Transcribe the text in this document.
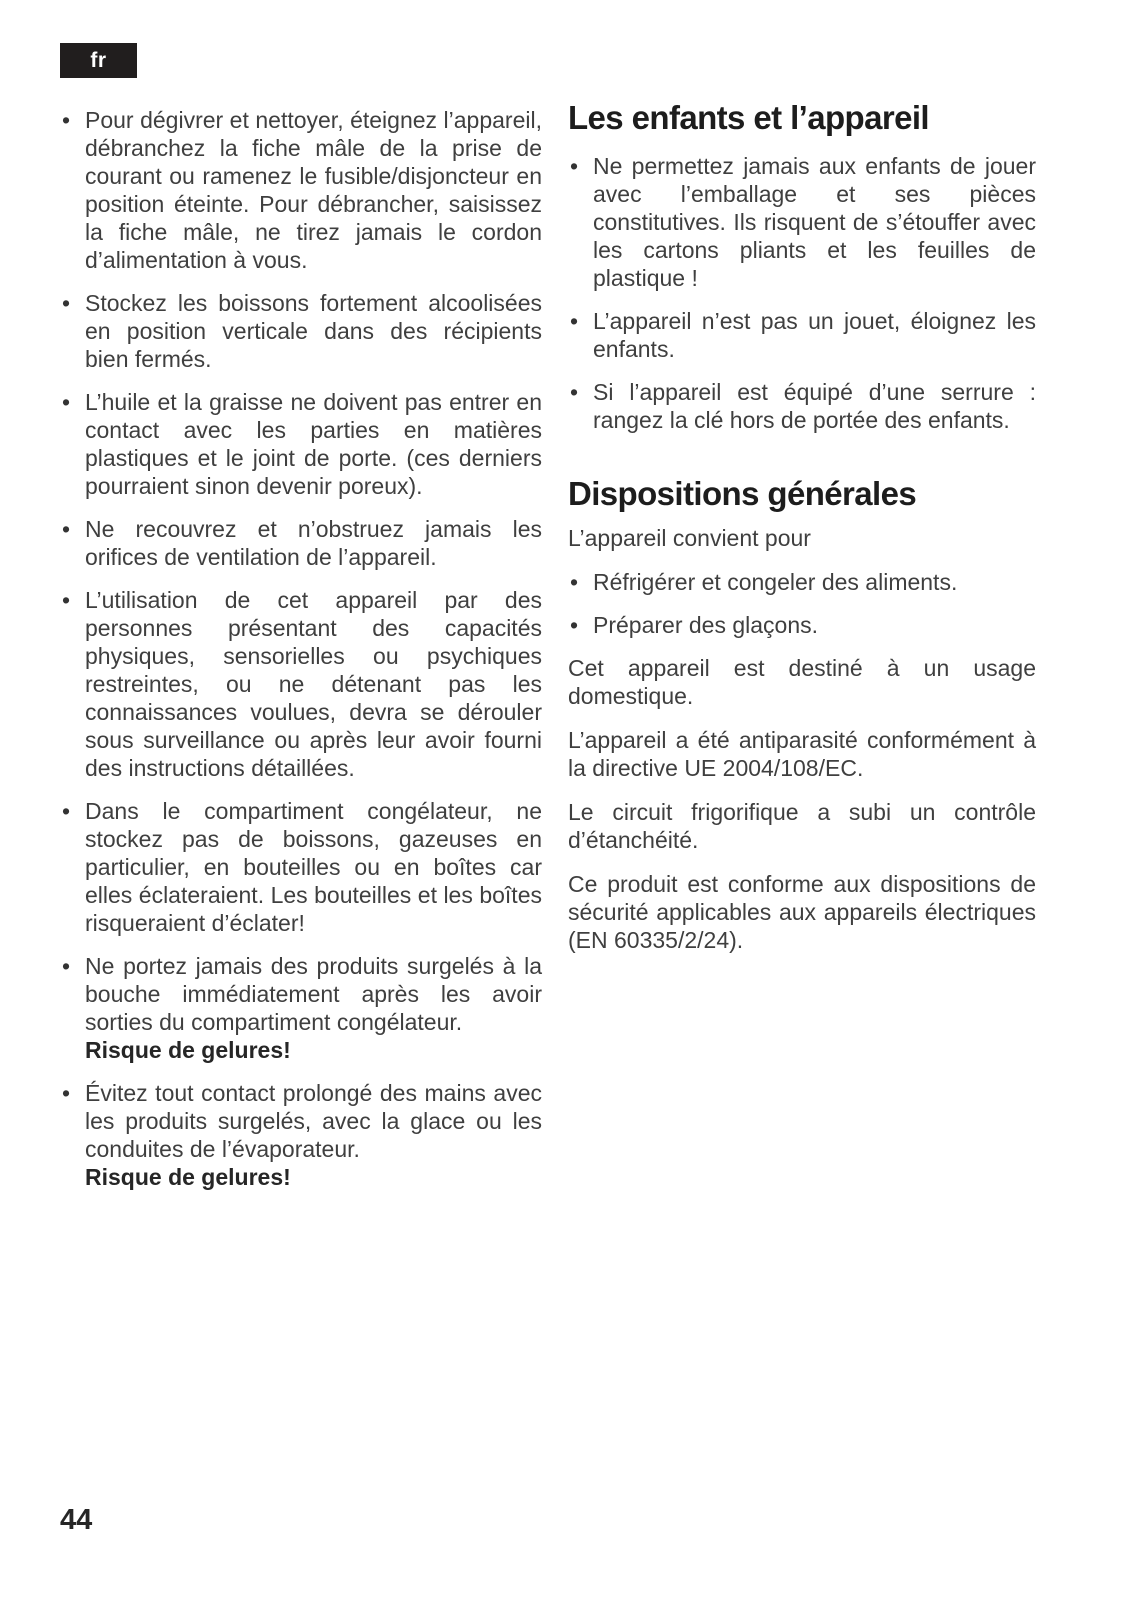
fr
• Pour dégivrer et nettoyer, éteignez l’appareil, débranchez la fiche mâle de la prise de courant ou ramenez le fusible/disjoncteur en position éteinte. Pour débrancher, saisissez la fiche mâle, ne tirez jamais le cordon d’alimentation à vous.
• Stockez les boissons fortement alcoolisées en position verticale dans des récipients bien fermés.
• L’huile et la graisse ne doivent pas entrer en contact avec les parties en matières plastiques et le joint de porte. (ces derniers pourraient sinon devenir poreux).
• Ne recouvrez et n’obstruez jamais les orifices de ventilation de l’appareil.
• L’utilisation de cet appareil par des personnes présentant des capacités physiques, sensorielles ou psychiques restreintes, ou ne détenant pas les connaissances voulues, devra se dérouler sous surveillance ou après leur avoir fourni des instructions détaillées.
• Dans le compartiment congélateur, ne stockez pas de boissons, gazeuses en particulier, en bouteilles ou en boîtes car elles éclateraient. Les bouteilles et les boîtes risqueraient d’éclater!
• Ne portez jamais des produits surgelés à la bouche immédiatement après les avoir sorties du compartiment congélateur.
Risque de gelures!
• Évitez tout contact prolongé des mains avec les produits surgelés, avec la glace ou les conduites de l’évaporateur.
Risque de gelures!
Les enfants et l’appareil
• Ne permettez jamais aux enfants de jouer avec l’emballage et ses pièces constitutives. Ils risquent de s’étouffer avec les cartons pliants et les feuilles de plastique !
• L’appareil n’est pas un jouet, éloignez les enfants.
• Si l’appareil est équipé d’une serrure : rangez la clé hors de portée des enfants.
Dispositions générales

L’appareil convient pour

• Réfrigérer et congeler des aliments.
• Préparer des glaçons.

Cet appareil est destiné à un usage domestique.

L’appareil a été antiparasité conformément à la directive UE 2004/108/EC.

Le circuit frigorifique a subi un contrôle d’étanchéité.

Ce produit est conforme aux dispositions de sécurité applicables aux appareils électriques (EN 60335/2/24).

44
